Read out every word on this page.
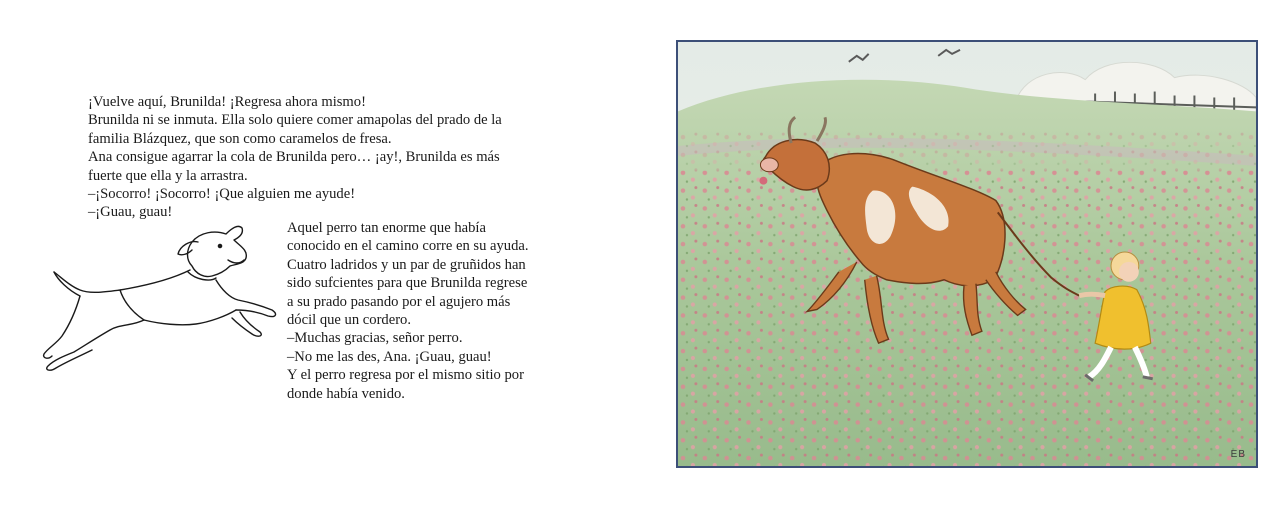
¡Vuelve aquí, Brunilda! ¡Regresa ahora mismo!
Brunilda ni se inmuta. Ella solo quiere comer amapolas del prado de la
familia Blázquez, que son como caramelos de fresa.
Ana consigue agarrar la cola de Brunilda pero… ¡ay!, Brunilda es más
fuerte que ella y la arrastra.
–¡Socorro! ¡Socorro! ¡Que alguien me ayude!
–¡Guau, guau!

Aquel perro tan enorme que había
conocido en el camino corre en su ayuda.
Cuatro ladridos y un par de gruñidos han
sido sufcientes para que Brunilda regrese
a su prado pasando por el agujero más
dócil que un cordero.
–Muchas gracias, señor perro.
–No me las des, Ana. ¡Guau, guau!
Y el perro regresa por el mismo sitio por
donde había venido.

EB
